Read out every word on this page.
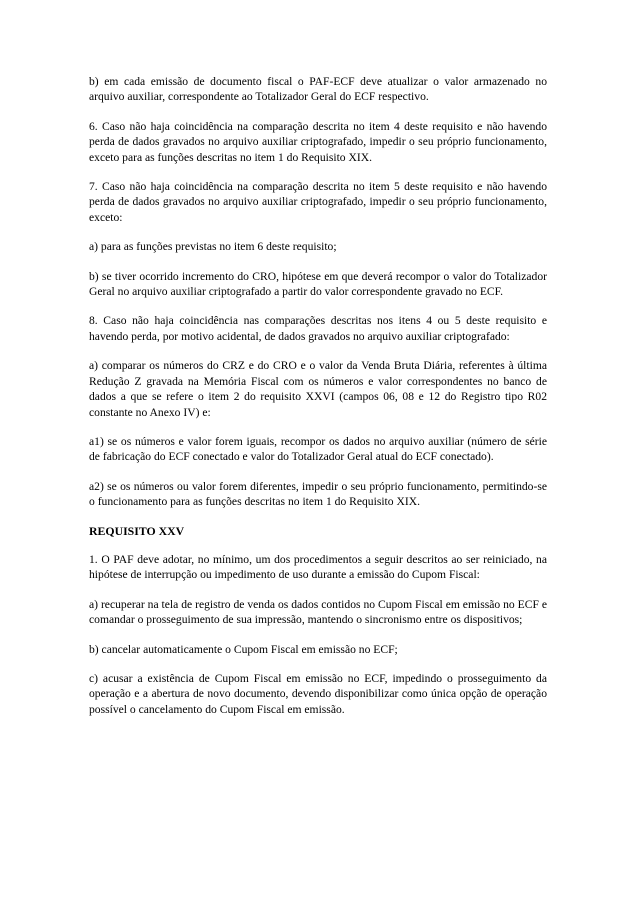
b) em cada emissão de documento fiscal o PAF-ECF deve atualizar o valor armazenado no arquivo auxiliar, correspondente ao Totalizador Geral do ECF respectivo.

6. Caso não haja coincidência na comparação descrita no item 4 deste requisito e não havendo perda de dados gravados no arquivo auxiliar criptografado, impedir o seu próprio funcionamento, exceto para as funções descritas no item 1 do Requisito XIX.

7. Caso não haja coincidência na comparação descrita no item 5 deste requisito e não havendo perda de dados gravados no arquivo auxiliar criptografado, impedir o seu próprio funcionamento, exceto:

a) para as funções previstas no item 6 deste requisito;

b) se tiver ocorrido incremento do CRO, hipótese em que deverá recompor o valor do Totalizador Geral no arquivo auxiliar criptografado a partir do valor correspondente gravado no ECF.

8. Caso não haja coincidência nas comparações descritas nos itens 4 ou 5 deste requisito e havendo perda, por motivo acidental, de dados gravados no arquivo auxiliar criptografado:

a) comparar os números do CRZ e do CRO e o valor da Venda Bruta Diária, referentes à última Redução Z gravada na Memória Fiscal com os números e valor correspondentes no banco de dados a que se refere o item 2 do requisito XXVI (campos 06, 08 e 12 do Registro tipo R02 constante no Anexo IV) e:

a1) se os números e valor forem iguais, recompor os dados no arquivo auxiliar (número de série de fabricação do ECF conectado e valor do Totalizador Geral atual do ECF conectado).

a2) se os números ou valor forem diferentes, impedir o seu próprio funcionamento, permitindo-se o funcionamento para as funções descritas no item 1 do Requisito XIX.

REQUISITO XXV

1. O PAF deve adotar, no mínimo, um dos procedimentos a seguir descritos ao ser reiniciado, na hipótese de interrupção ou impedimento de uso durante a emissão do Cupom Fiscal:

a) recuperar na tela de registro de venda os dados contidos no Cupom Fiscal em emissão no ECF e comandar o prosseguimento de sua impressão, mantendo o sincronismo entre os dispositivos;

b) cancelar automaticamente o Cupom Fiscal em emissão no ECF;

c) acusar a existência de Cupom Fiscal em emissão no ECF, impedindo o prosseguimento da operação e a abertura de novo documento, devendo disponibilizar como única opção de operação possível o cancelamento do Cupom Fiscal em emissão.
